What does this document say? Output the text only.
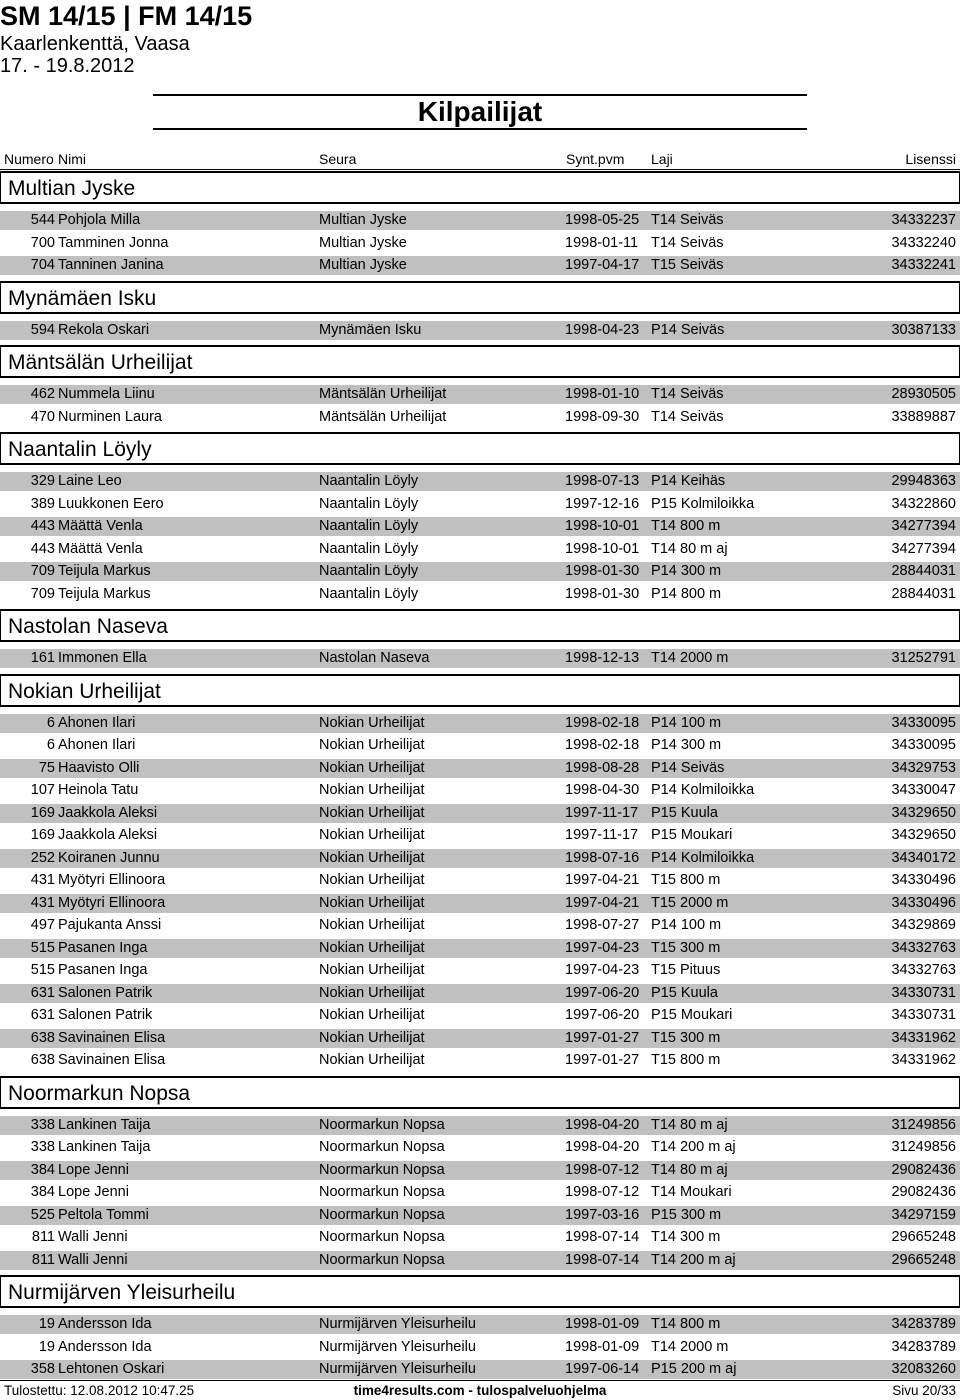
SM 14/15 | FM 14/15
Kaarlenkenttä, Vaasa
17. - 19.8.2012
Kilpailijat
Numero Nimi	Seura	Synt.pvm Laji	Lisenssi
Multian Jyske
544 Pohjola Milla	Multian Jyske	1998-05-25 T14 Seiväs	34332237
700 Tamminen Jonna	Multian Jyske	1998-01-11 T14 Seiväs	34332240
704 Tanninen Janina	Multian Jyske	1997-04-17 T15 Seiväs	34332241
Mynämäen Isku
594 Rekola Oskari	Mynämäen Isku	1998-04-23 P14 Seiväs	30387133
Mäntsälän Urheilijat
462 Nummela Liinu	Mäntsälän Urheilijat	1998-01-10 T14 Seiväs	28930505
470 Nurminen Laura	Mäntsälän Urheilijat	1998-09-30 T14 Seiväs	33889887
Naantalin Löyly
329 Laine Leo	Naantalin Löyly	1998-07-13 P14 Keihäs	29948363
389 Luukkonen Eero	Naantalin Löyly	1997-12-16 P15 Kolmiloikka	34322860
443 Määttä Venla	Naantalin Löyly	1998-10-01 T14 800 m	34277394
443 Määttä Venla	Naantalin Löyly	1998-10-01 T14 80 m aj	34277394
709 Teijula Markus	Naantalin Löyly	1998-01-30 P14 300 m	28844031
709 Teijula Markus	Naantalin Löyly	1998-01-30 P14 800 m	28844031
Nastolan Naseva
161 Immonen Ella	Nastolan Naseva	1998-12-13 T14 2000 m	31252791
Nokian Urheilijat
6 Ahonen Ilari	Nokian Urheilijat	1998-02-18 P14 100 m	34330095
6 Ahonen Ilari	Nokian Urheilijat	1998-02-18 P14 300 m	34330095
75 Haavisto Olli	Nokian Urheilijat	1998-08-28 P14 Seiväs	34329753
107 Heinola Tatu	Nokian Urheilijat	1998-04-30 P14 Kolmiloikka	34330047
169 Jaakkola Aleksi	Nokian Urheilijat	1997-11-17 P15 Kuula	34329650
169 Jaakkola Aleksi	Nokian Urheilijat	1997-11-17 P15 Moukari	34329650
252 Koiranen Junnu	Nokian Urheilijat	1998-07-16 P14 Kolmiloikka	34340172
431 Myötyri Ellinoora	Nokian Urheilijat	1997-04-21 T15 800 m	34330496
431 Myötyri Ellinoora	Nokian Urheilijat	1997-04-21 T15 2000 m	34330496
497 Pajukanta Anssi	Nokian Urheilijat	1998-07-27 P14 100 m	34329869
515 Pasanen Inga	Nokian Urheilijat	1997-04-23 T15 300 m	34332763
515 Pasanen Inga	Nokian Urheilijat	1997-04-23 T15 Pituus	34332763
631 Salonen Patrik	Nokian Urheilijat	1997-06-20 P15 Kuula	34330731
631 Salonen Patrik	Nokian Urheilijat	1997-06-20 P15 Moukari	34330731
638 Savinainen Elisa	Nokian Urheilijat	1997-01-27 T15 300 m	34331962
638 Savinainen Elisa	Nokian Urheilijat	1997-01-27 T15 800 m	34331962
Noormarkun Nopsa
338 Lankinen Taija	Noormarkun Nopsa	1998-04-20 T14 80 m aj	31249856
338 Lankinen Taija	Noormarkun Nopsa	1998-04-20 T14 200 m aj	31249856
384 Lope Jenni	Noormarkun Nopsa	1998-07-12 T14 80 m aj	29082436
384 Lope Jenni	Noormarkun Nopsa	1998-07-12 T14 Moukari	29082436
525 Peltola Tommi	Noormarkun Nopsa	1997-03-16 P15 300 m	34297159
811 Walli Jenni	Noormarkun Nopsa	1998-07-14 T14 300 m	29665248
811 Walli Jenni	Noormarkun Nopsa	1998-07-14 T14 200 m aj	29665248
Nurmijärven Yleisurheilu
19 Andersson Ida	Nurmijärven Yleisurheilu	1998-01-09 T14 800 m	34283789
19 Andersson Ida	Nurmijärven Yleisurheilu	1998-01-09 T14 2000 m	34283789
358 Lehtonen Oskari	Nurmijärven Yleisurheilu	1997-06-14 P15 200 m aj	32083260
Tulostettu: 12.08.2012 10:47.25	time4results.com - tulospalveluohjelma	Sivu 20/33
